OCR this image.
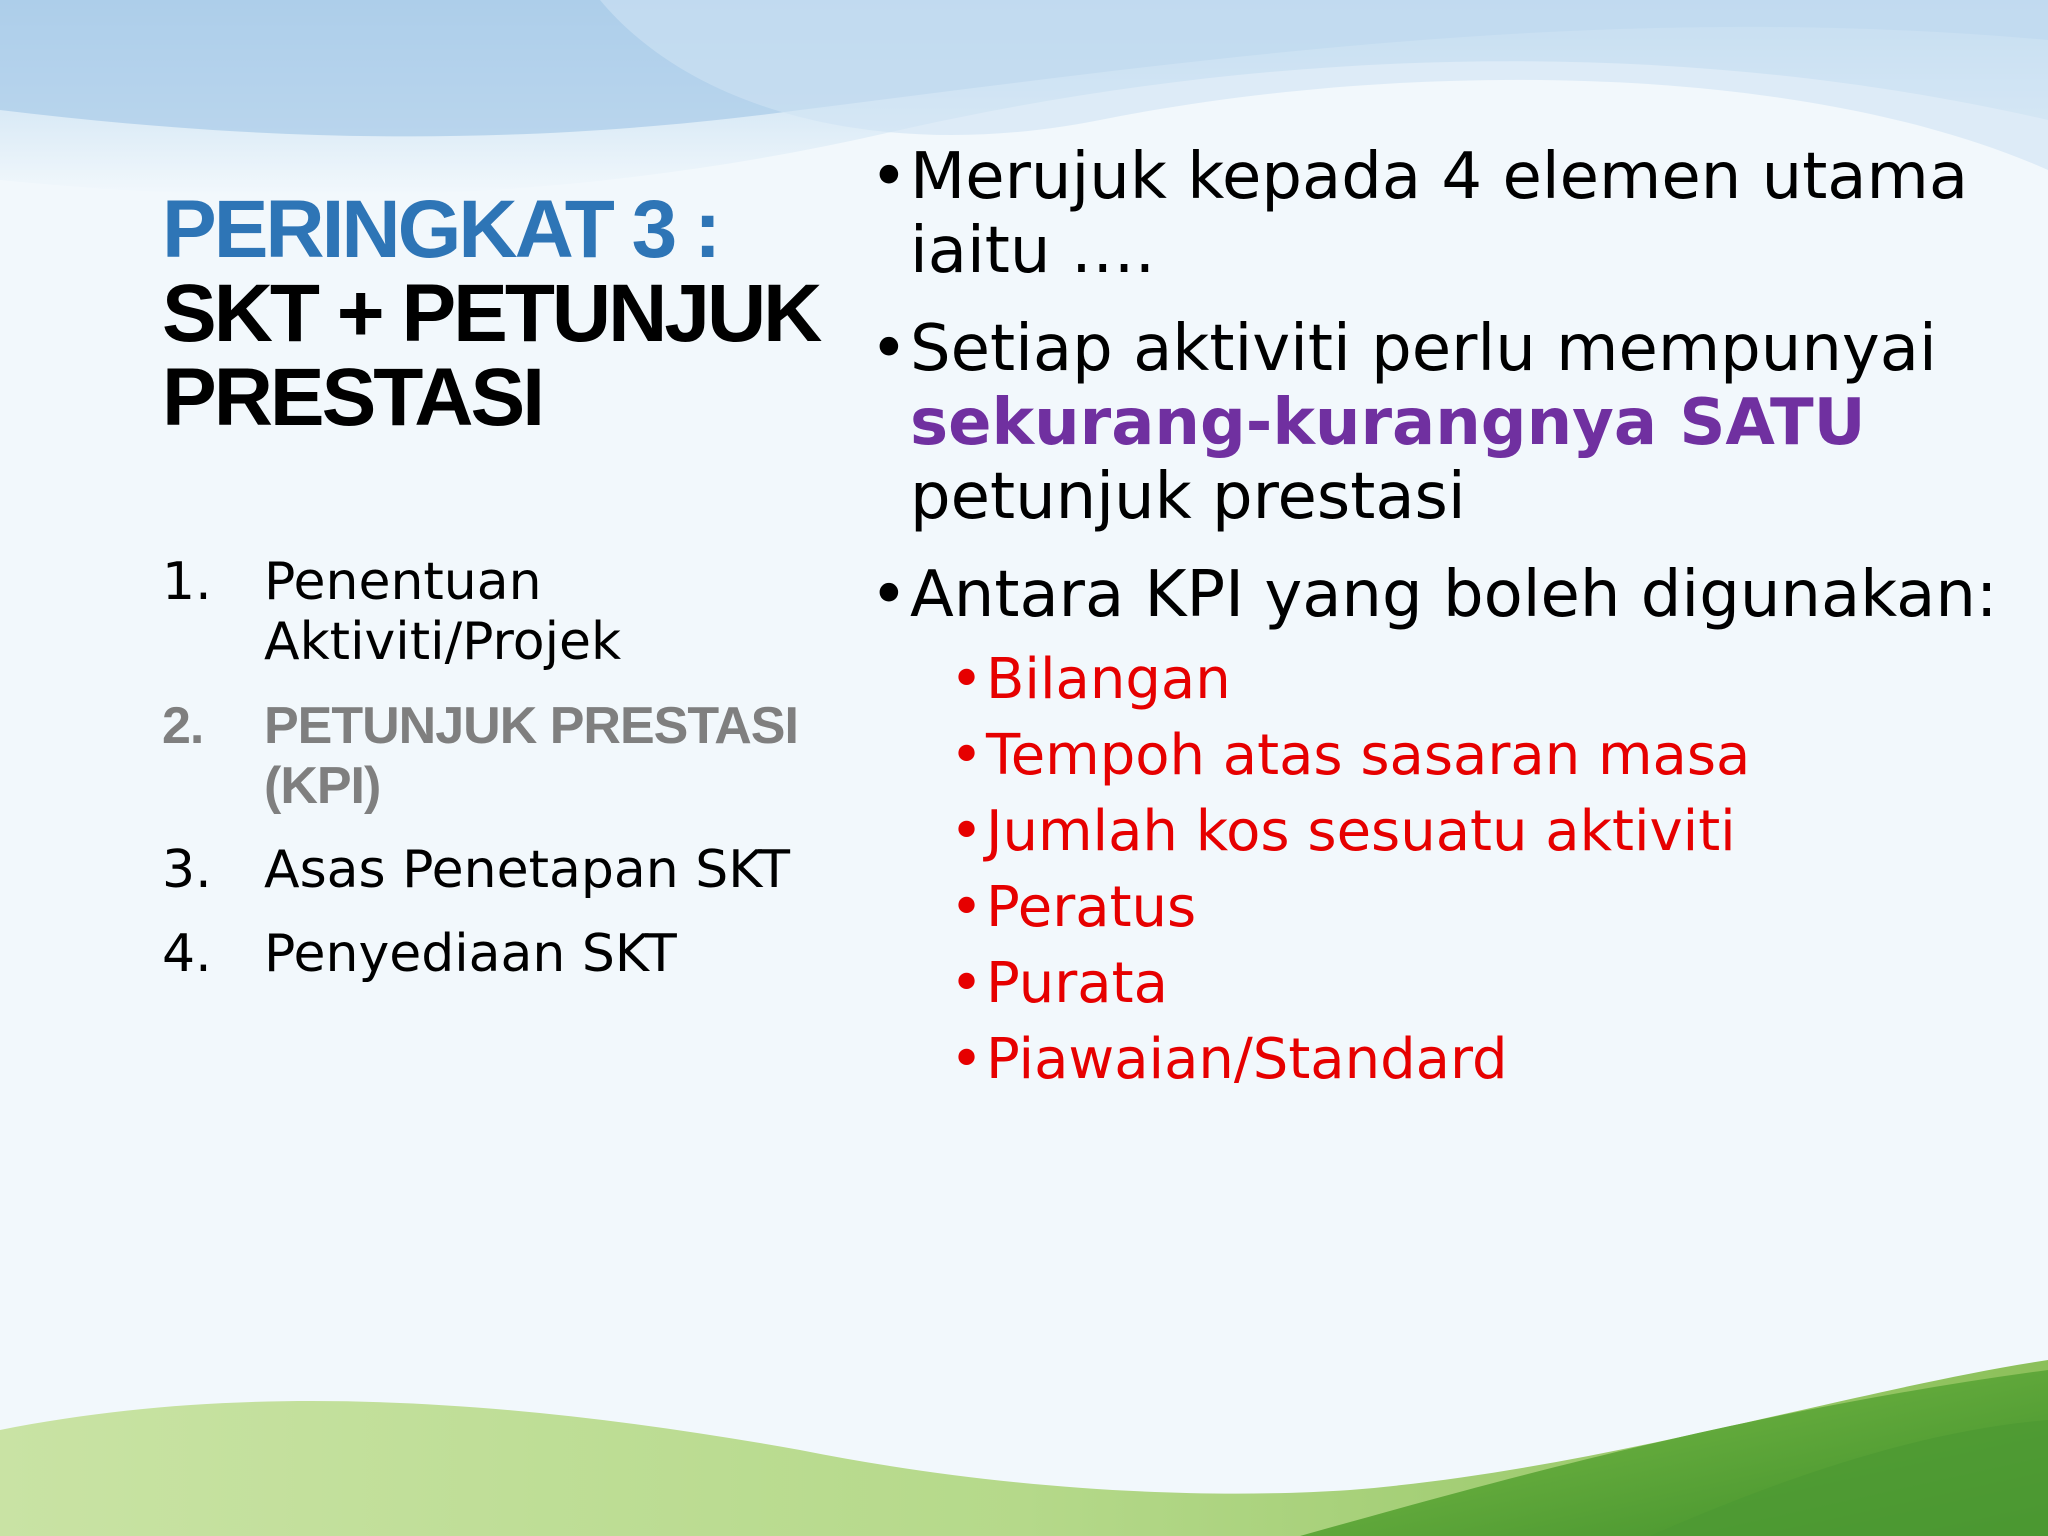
PERINGKAT 3 :
SKT + PETUNJUK
PRESTASI
1.	Penentuan Aktiviti/Projek
2.	PETUNJUK PRESTASI (KPI)
3.	Asas Penetapan SKT
4.	Penyediaan SKT
• Merujuk kepada 4 elemen utama iaitu ….
• Setiap aktiviti perlu mempunyai sekurang-kurangnya SATU petunjuk prestasi
• Antara KPI yang boleh digunakan:
• Bilangan
• Tempoh atas sasaran masa
• Jumlah kos sesuatu aktiviti
• Peratus
• Purata
• Piawaian/Standard
